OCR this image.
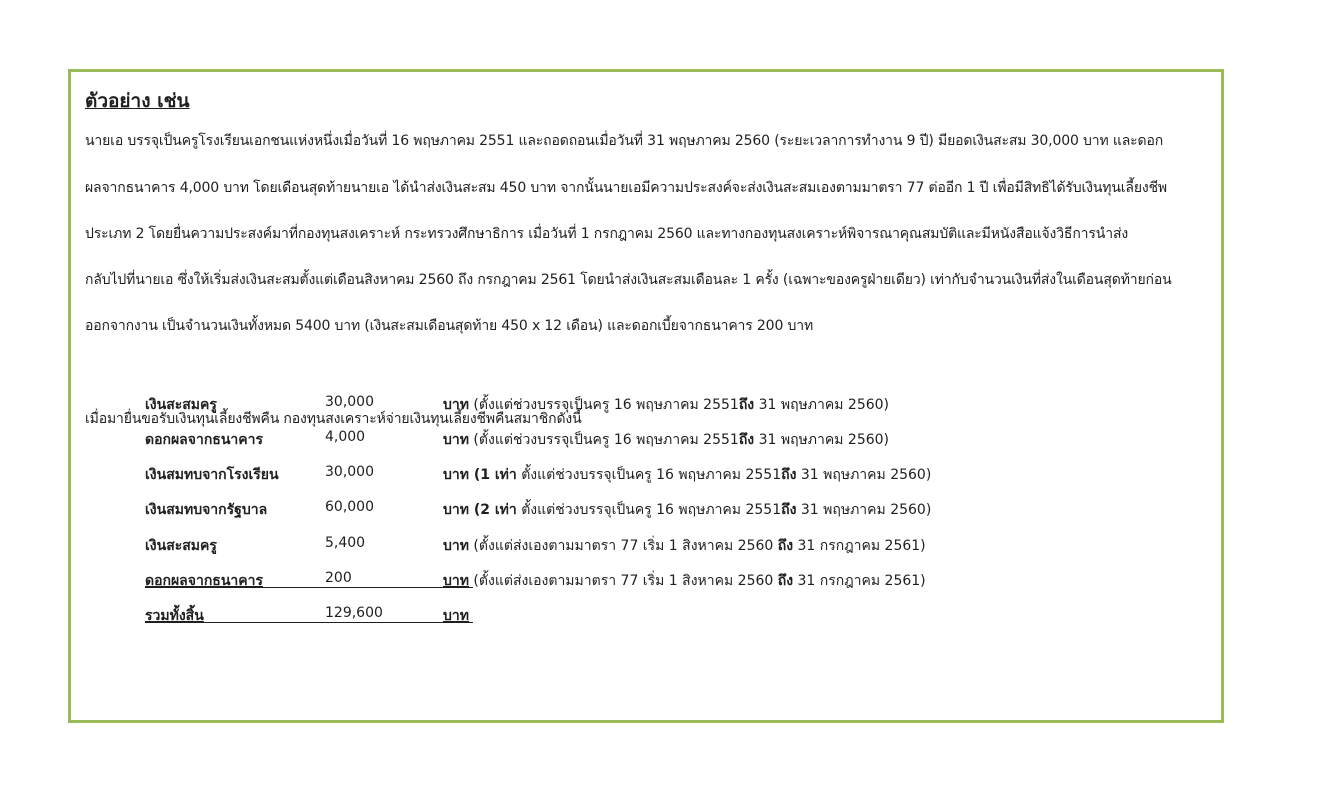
ตัวอย่าง เช่น
นายเอ บรรจุเป็นครูโรงเรียนเอกชนแห่งหนึ่งเมื่อวันที่ 16 พฤษภาคม 2551 และถอดถอนเมื่อวันที่ 31 พฤษภาคม 2560 (ระยะเวลาการทำงาน 9 ปี) มียอดเงินสะสม 30,000 บาท และดอก
ผลจากธนาคาร 4,000 บาท โดยเดือนสุดท้ายนายเอ ได้นำส่งเงินสะสม 450 บาท จากนั้นนายเอมีความประสงค์จะส่งเงินสะสมเองตามมาตรา 77 ต่ออีก 1 ปี เพื่อมีสิทธิได้รับเงินทุนเลี้ยงชีพ
ประเภท 2 โดยยื่นความประสงค์มาที่กองทุนสงเคราะห์ กระทรวงศึกษาธิการ เมื่อวันที่ 1 กรกฎาคม 2560 และทางกองทุนสงเคราะห์พิจารณาคุณสมบัติและมีหนังสือแจ้งวิธีการนำส่ง
กลับไปที่นายเอ ซึ่งให้เริ่มส่งเงินสะสมตั้งแต่เดือนสิงหาคม 2560 ถึง กรกฎาคม 2561 โดยนำส่งเงินสะสมเดือนละ 1 ครั้ง (เฉพาะของครูฝ่ายเดียว) เท่ากับจำนวนเงินที่ส่งในเดือนสุดท้ายก่อน
ออกจากงาน เป็นจำนวนเงินทั้งหมด 5400 บาท (เงินสะสมเดือนสุดท้าย 450 x 12 เดือน) และดอกเบี้ยจากธนาคาร 200 บาท
เมื่อมายื่นขอรับเงินทุนเลี้ยงชีพคืน กองทุนสงเคราะห์จ่ายเงินทุนเลี้ยงชีพคืนสมาชิกดังนี้
เงินสะสมครู	30,000	บาท (ตั้งแต่ช่วงบรรจุเป็นครู 16 พฤษภาคม 2551ถึง 31 พฤษภาคม 2560)
ดอกผลจากธนาคาร	4,000	บาท (ตั้งแต่ช่วงบรรจุเป็นครู 16 พฤษภาคม 2551ถึง 31 พฤษภาคม 2560)
เงินสมทบจากโรงเรียน	30,000	บาท (1 เท่า ตั้งแต่ช่วงบรรจุเป็นครู 16 พฤษภาคม 2551ถึง 31 พฤษภาคม 2560)
เงินสมทบจากรัฐบาล	60,000	บาท (2 เท่า ตั้งแต่ช่วงบรรจุเป็นครู 16 พฤษภาคม 2551ถึง 31 พฤษภาคม 2560)
เงินสะสมครู	5,400	บาท (ตั้งแต่ส่งเองตามมาตรา 77 เริ่ม 1 สิงหาคม 2560 ถึง 31 กรกฎาคม 2561)
ดอกผลจากธนาคาร	200	บาท (ตั้งแต่ส่งเองตามมาตรา 77 เริ่ม 1 สิงหาคม 2560 ถึง 31 กรกฎาคม 2561)
รวมทั้งสิ้น	129,600	บาท
